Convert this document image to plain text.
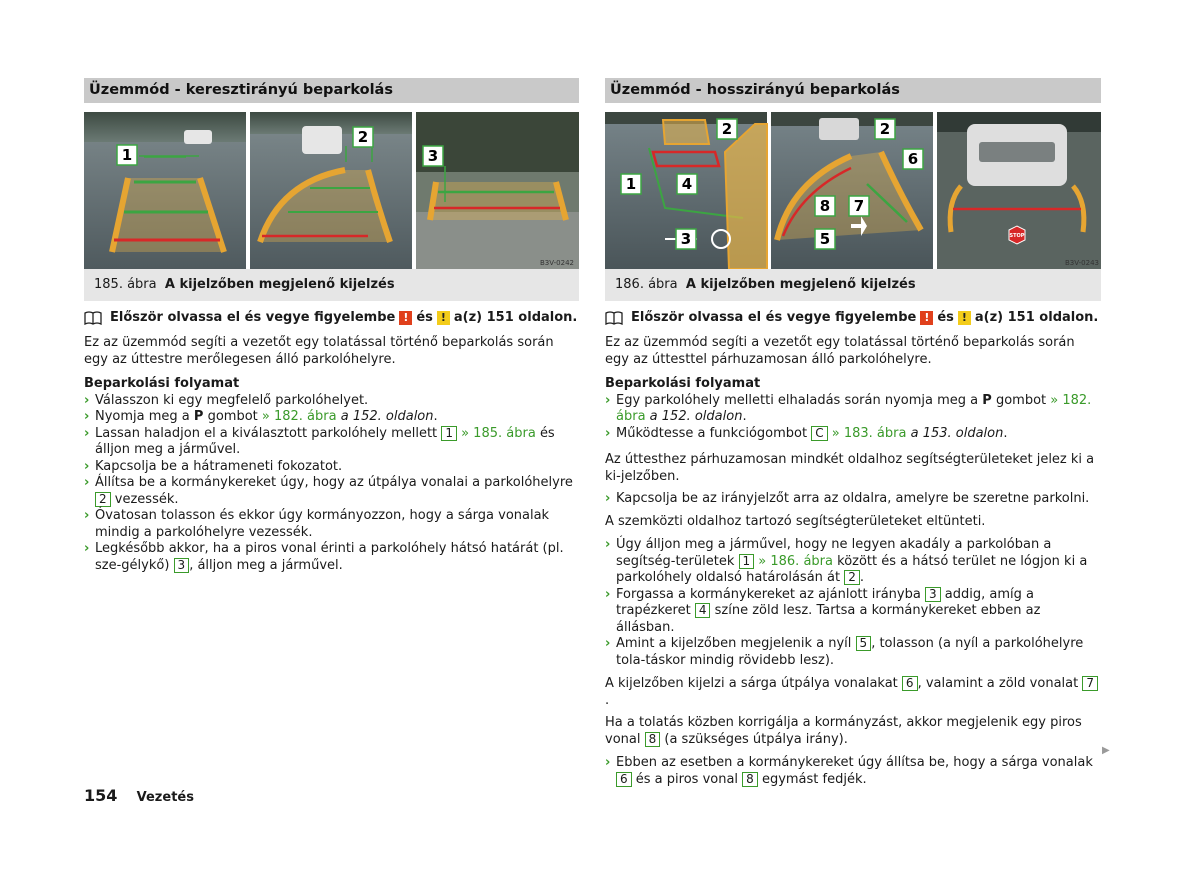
Üzemmód - keresztirányú beparkolás
B3V-0242
1
2
3
185. ábra A kijelzőben megjelenő kijelzés
Először olvassa el és vegye figyelembe ! és ! a(z) 151 oldalon.
Ez az üzemmód segíti a vezetőt egy tolatással történő beparkolás során egy az úttestre merőlegesen álló parkolóhelyre.
Beparkolási folyamat
› Válasszon ki egy megfelelő parkolóhelyet.
› Nyomja meg a P gombot » 182. ábra a 152. oldalon.
› Lassan haladjon el a kiválasztott parkolóhely mellett 1 » 185. ábra és álljon meg a járművel.
› Kapcsolja be a hátrameneti fokozatot.
› Állítsa be a kormánykereket úgy, hogy az útpálya vonalai a parkolóhelyre 2 vezessék.
› Óvatosan tolasson és ekkor úgy kormányozzon, hogy a sárga vonalak mindig a parkolóhelyre vezessék.
› Legkésőbb akkor, ha a piros vonal érinti a parkolóhely hátsó határát (pl. sze-gélykő) 3 , álljon meg a járművel.
Üzemmód - hosszirányú beparkolás
STOP
B3V-0243
1
2
3
4
5
6
7
8
2
186. ábra A kijelzőben megjelenő kijelzés
Először olvassa el és vegye figyelembe ! és ! a(z) 151 oldalon.
Ez az üzemmód segíti a vezetőt egy tolatással történő beparkolás során egy az úttesttel párhuzamosan álló parkolóhelyre.
Beparkolási folyamat
› Egy parkolóhely melletti elhaladás során nyomja meg a P gombot » 182. ábra a 152. oldalon.
› Működtesse a funkciógombot C » 183. ábra a 153. oldalon.
Az úttesthez párhuzamosan mindkét oldalhoz segítségterületeket jelez ki a ki-jelzőben.
› Kapcsolja be az irányjelzőt arra az oldalra, amelyre be szeretne parkolni.
A szemközti oldalhoz tartozó segítségterületeket eltünteti.
› Úgy álljon meg a járművel, hogy ne legyen akadály a parkolóban a segítség-területek 1 » 186. ábra között és a hátsó terület ne lógjon ki a parkolóhely oldalsó határolásán át 2 .
› Forgassa a kormánykereket az ajánlott irányba 3 addig, amíg a trapézkeret 4 színe zöld lesz. Tartsa a kormánykereket ebben az állásban.
› Amint a kijelzőben megjelenik a nyíl 5 , tolasson (a nyíl a parkolóhelyre tola-táskor mindig rövidebb lesz).
A kijelzőben kijelzi a sárga útpálya vonalakat 6 , valamint a zöld vonalat 7.
Ha a tolatás közben korrigálja a kormányzást, akkor megjelenik egy piros vonal 8 (a szükséges útpálya irány).
› Ebben az esetben a kormánykereket úgy állítsa be, hogy a sárga vonalak 6 és a piros vonal 8 egymást fedjék.
▶
154 Vezetés
